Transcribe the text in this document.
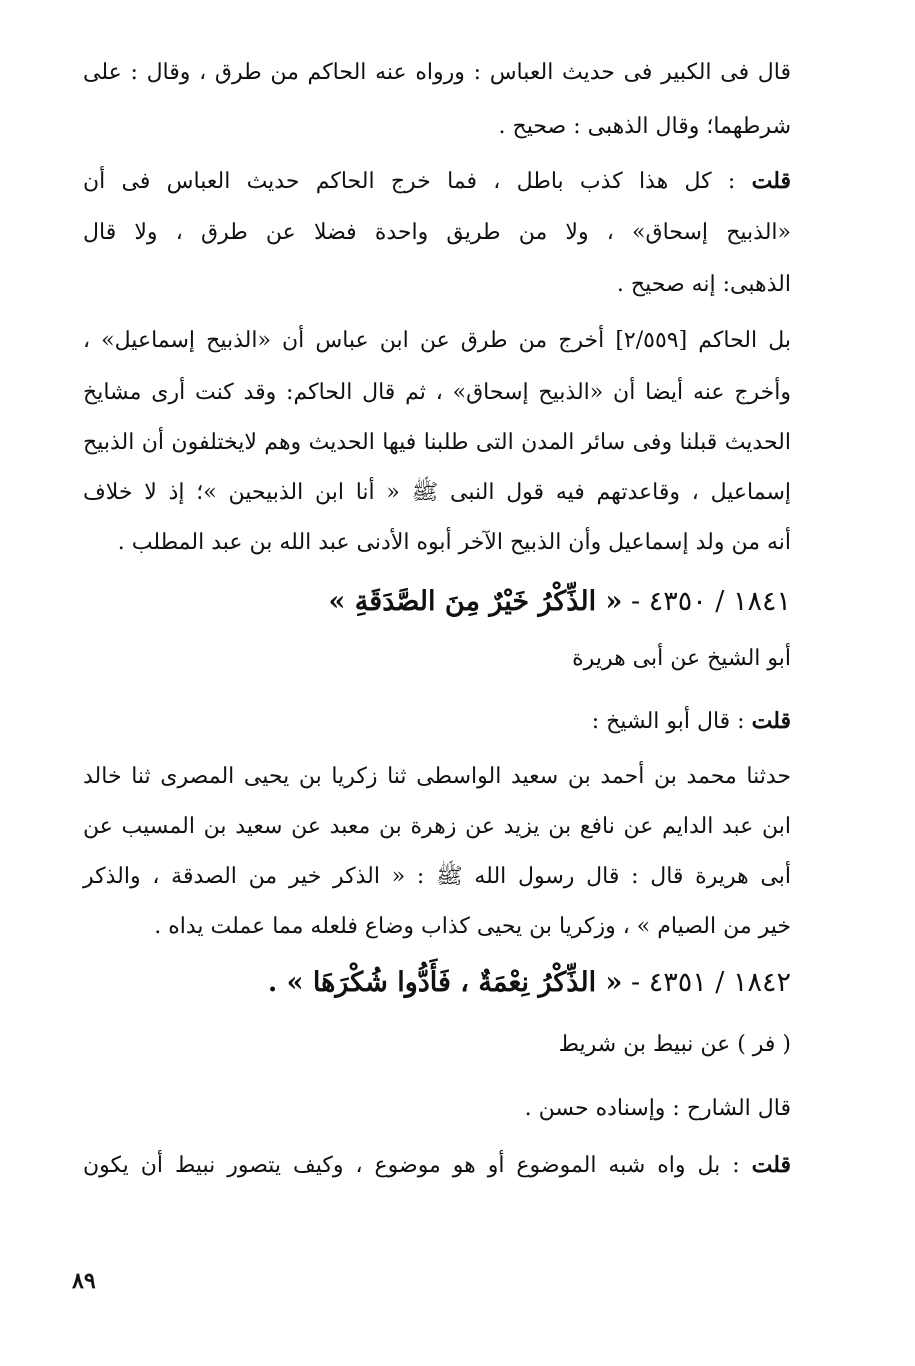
قال فى الكبير فى حديث العباس : ورواه عنه الحاكم من طرق ، وقال : على
شرطهما؛ وقال الذهبى : صحيح .
قلت : كل هذا كذب باطل ، فما خرج الحاكم حديث العباس فى أن
«الذبيح إسحاق» ، ولا من طريق واحدة فضلا عن طرق ، ولا قال
الذهبى: إنه صحيح .
بل الحاكم [٢/٥٥٩] أخرج من طرق عن ابن عباس أن «الذبيح إسماعيل» ،
وأخرج عنه أيضا أن «الذبيح إسحاق» ، ثم قال الحاكم: وقد كنت أرى مشايخ
الحديث قبلنا وفى سائر المدن التى طلبنا فيها الحديث وهم لايختلفون أن الذبيح
إسماعيل ، وقاعدتهم فيه قول النبى ﷺ « أنا ابن الذبيحين »؛ إذ لا خلاف
أنه من ولد إسماعيل وأن الذبيح الآخر أبوه الأدنى عبد الله بن عبد المطلب .
١٨٤١ / ٤٣٥٠ - « الذِّكْرُ خَيْرٌ مِنَ الصَّدَقَةِ »
أبو الشيخ عن أبى هريرة
قلت : قال أبو الشيخ :
حدثنا محمد بن أحمد بن سعيد الواسطى ثنا زكريا بن يحيى المصرى ثنا خالد
ابن عبد الدايم عن نافع بن يزيد عن زهرة بن معبد عن سعيد بن المسيب عن
أبى هريرة قال : قال رسول الله ﷺ : « الذكر خير من الصدقة ، والذكر
خير من الصيام » ، وزكريا بن يحيى كذاب وضاع فلعله مما عملت يداه .
١٨٤٢ / ٤٣٥١ - « الذِّكْرُ نِعْمَةٌ ، فَأَدُّوا شُكْرَهَا » .
( فر ) عن نبيط بن شريط
قال الشارح : وإسناده حسن .
قلت : بل واه شبه الموضوع أو هو موضوع ، وكيف يتصور نبيط أن يكون
٨٩
